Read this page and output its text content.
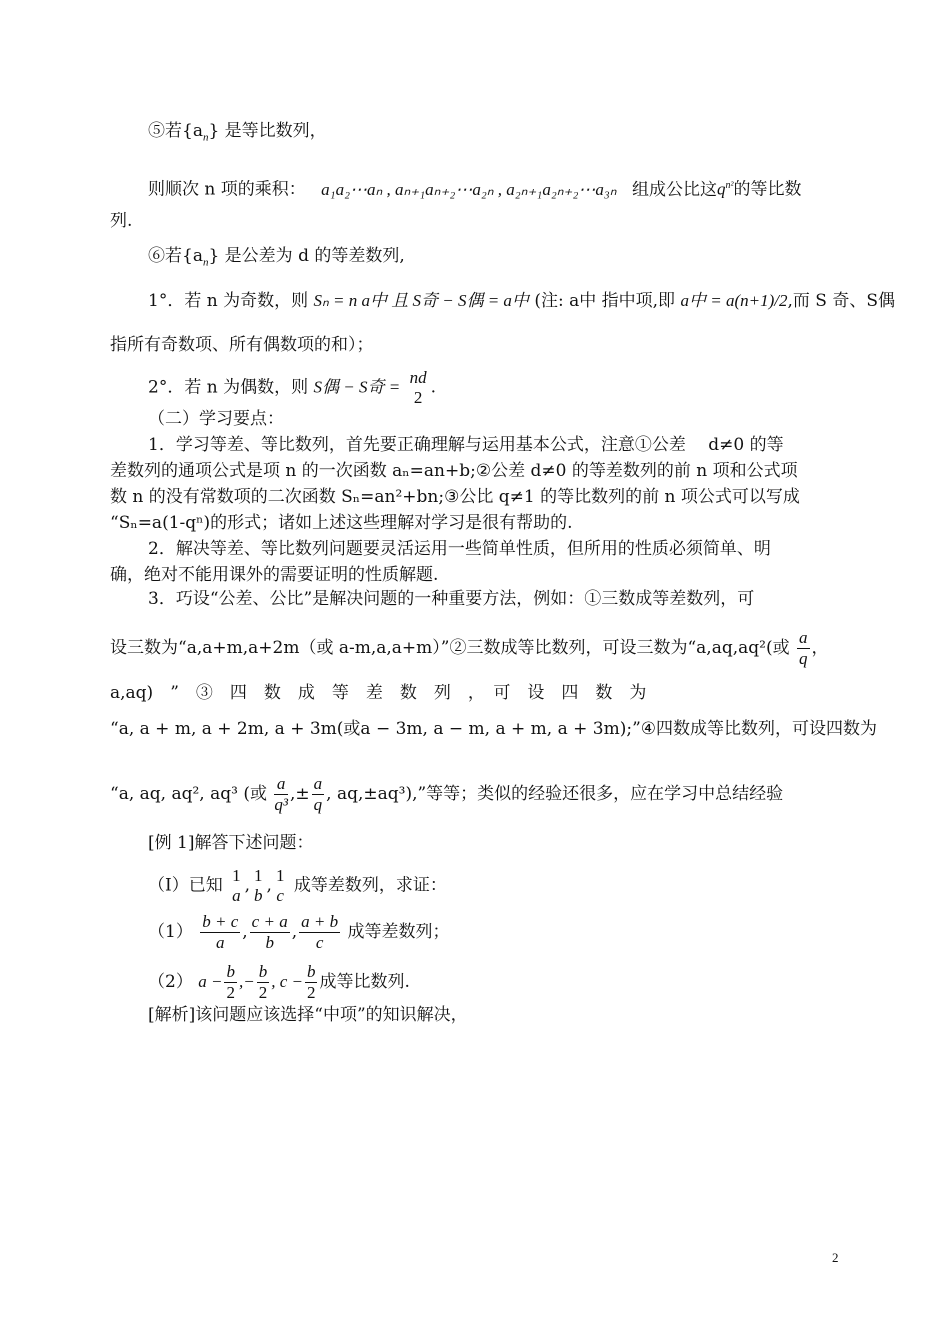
⑤若$\{a_n\}$ 是等比数列，
则顺次 n 项的乘积： a₁a₂⋯aₙ , aₙ₊₁aₙ₊₂⋯a₂ₙ , a₂ₙ₊₁a₂ₙ₊₂⋯a₃ₙ 组成公比这$q^{n^2}$的等比数
列.
⑥若$\{a_n\}$ 是公差为 d 的等差数列,
1°．若 n 为奇数，则 Sₙ = n a中 且 S奇 − S偶 = a中 (注: a中 指中项,即 a中 = a(n+1)/2,而 S 奇、S偶
指所有奇数项、所有偶数项的和）；
2°．若 n 为偶数，则 S偶 − S奇 = nd
2 .
（二）学习要点：
1．学习等差、等比数列，首先要正确理解与运用基本公式，注意①公差　 d≠0 的等
差数列的通项公式是项 n 的一次函数 aₙ=an+b;②公差 d≠0 的等差数列的前 n 项和公式项
数 n 的没有常数项的二次函数 Sₙ=an²+bn;③公比 q≠1 的等比数列的前 n 项公式可以写成
“Sₙ=a(1-qⁿ)的形式；诸如上述这些理解对学习是很有帮助的.
2．解决等差、等比数列问题要灵活运用一些简单性质，但所用的性质必须简单、明
确，绝对不能用课外的需要证明的性质解题.
3．巧设“公差、公比”是解决问题的一种重要方法，例如：①三数成等差数列，可
设三数为“a,a+m,a+2m（或 a-m,a,a+m）”②三数成等比数列，可设三数为“a,aq,aq²(或 $\frac{a}{q}$ ，
a,aq)　”　③　四　数　成　等　差　数　列　，　可　设　四　数　为
“a, a + m, a + 2m, a + 3m(或a − 3m, a − m, a + m, a + 3m);”④四数成等比数列，可设四数为
“a, aq, aq², aq³ (或 $\frac{a}{\text{q³}}$ ,± $\frac{a}{q}$ , aq,±aq³),”等等；类似的经验还很多，应在学习中总结经验
[例 1]解答下述问题：
（Ⅰ）已知 1
a , 1
b , 1
c 成等差数列，求证：
$(1) \frac{b + c}{a}$ , $\frac{c + a}{b}$ , $\frac{a + b}{c}$ 成等差数列；
（2） $a - \frac{b}{2}$ ,− $\frac{b}{2}$ , $c - \frac{b}{2}$ 成等比数列.
[解析]该问题应该选择“中项”的知识解决，
2
